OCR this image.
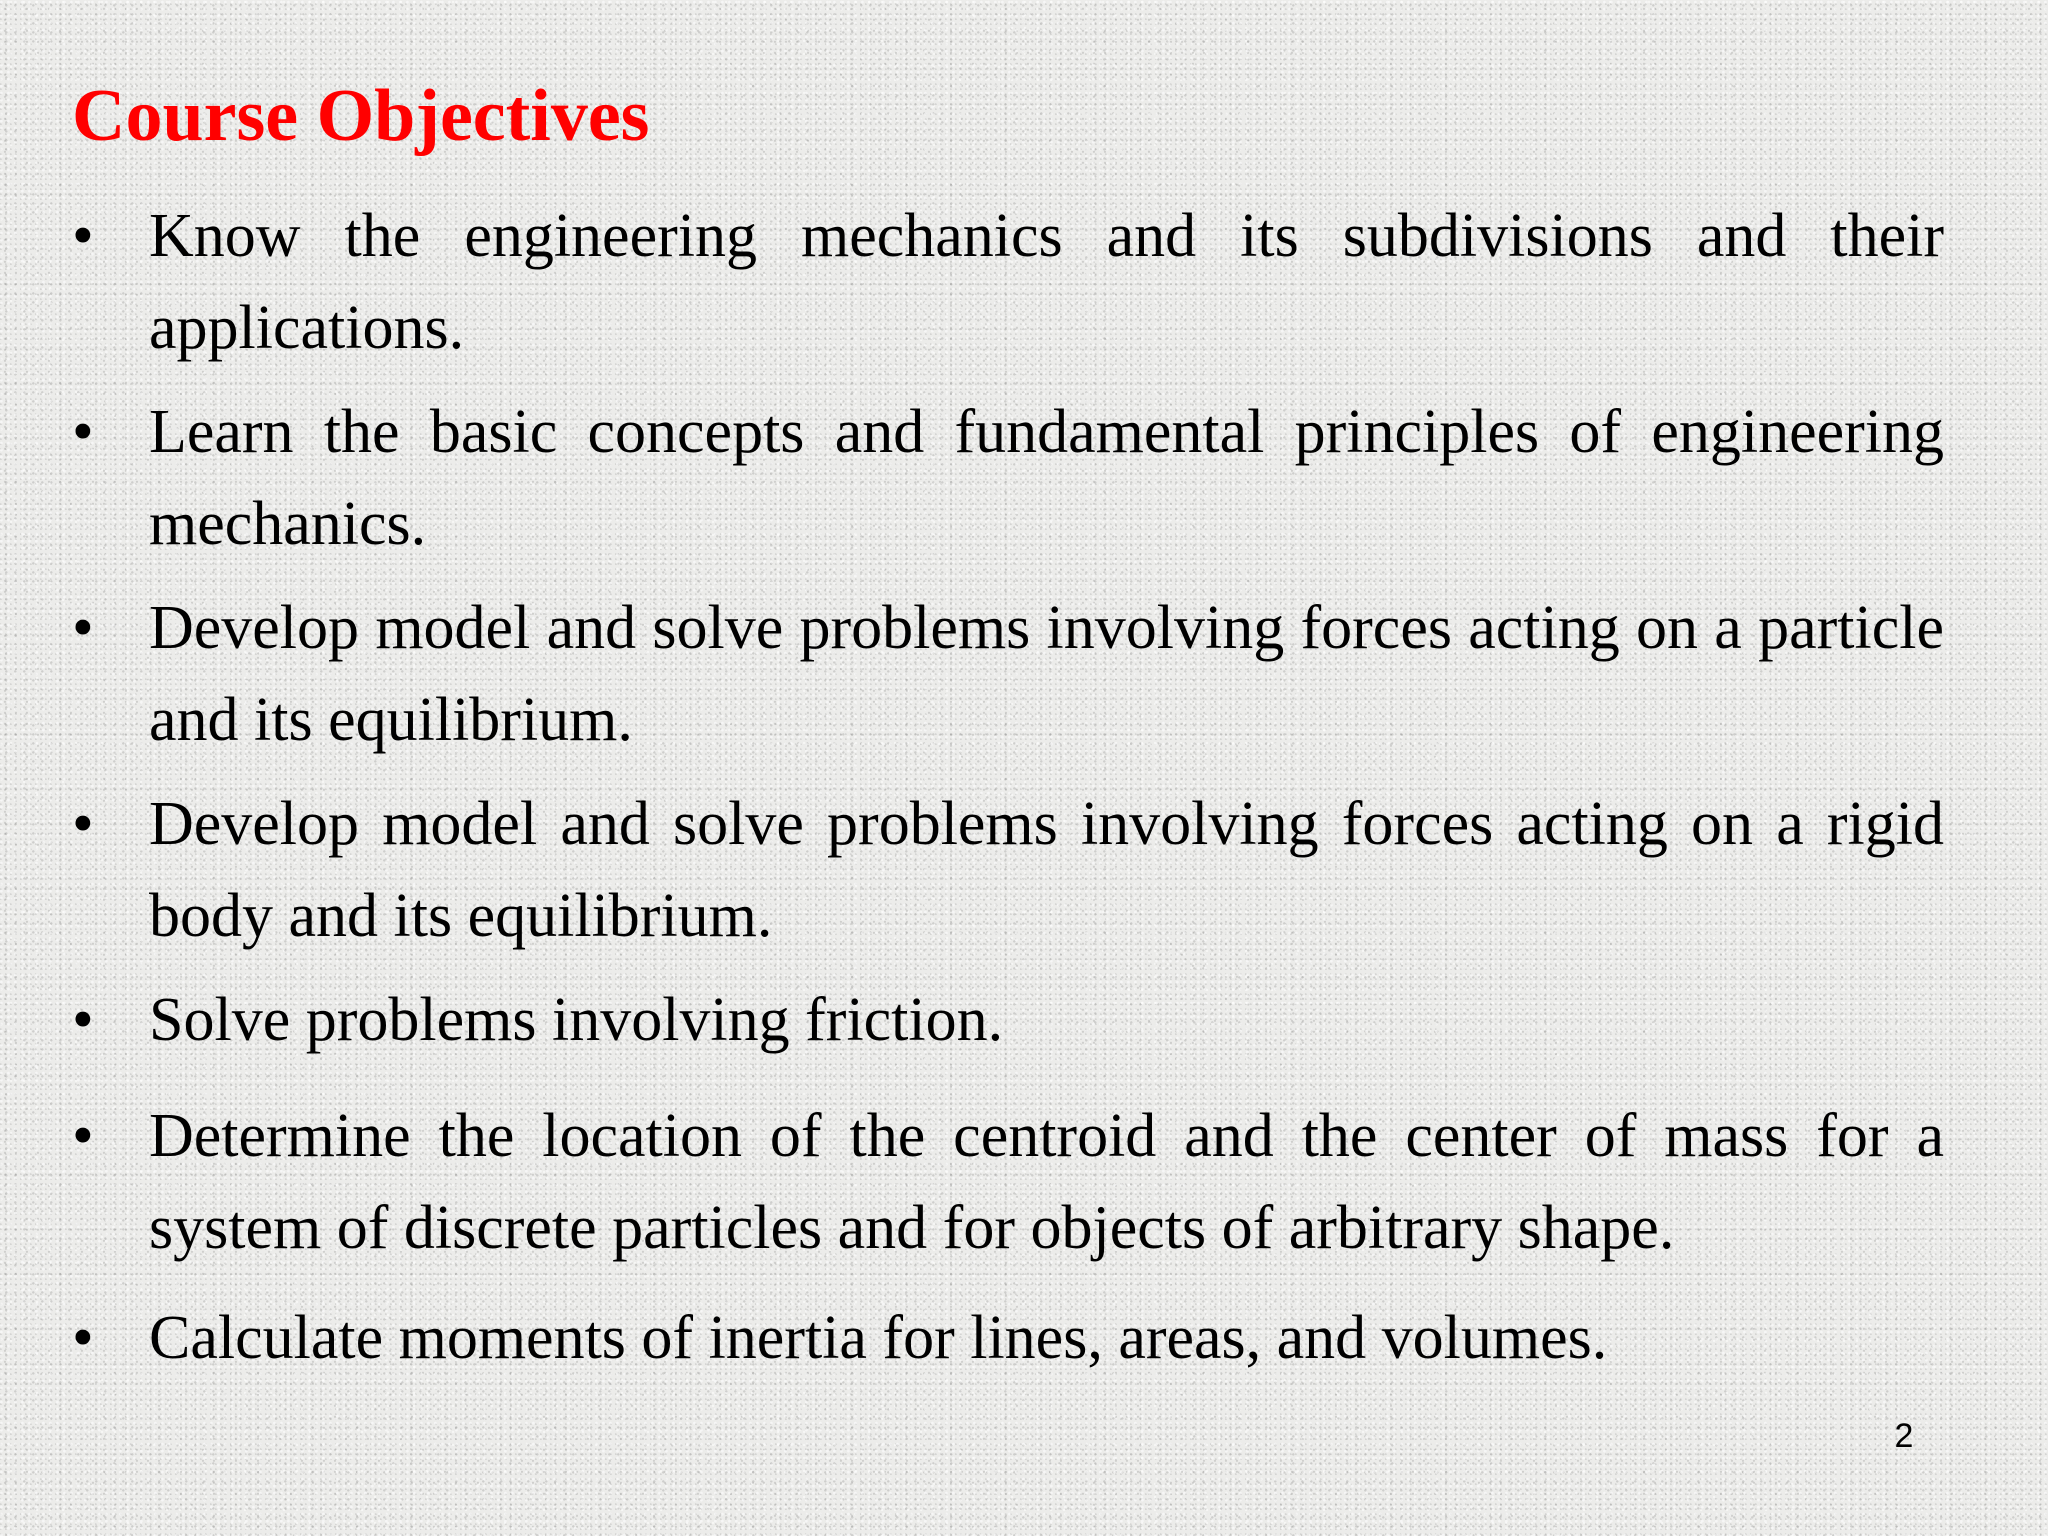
Course Objectives
• Know the engineering mechanics and its subdivisions and their applications.
• Learn the basic concepts and fundamental principles of engineering mechanics.
• Develop model and solve problems involving forces acting on a particle and its equilibrium.
• Develop model and solve problems involving forces acting on a rigid body and its equilibrium.
• Solve problems involving friction.
• Determine the location of the centroid and the center of mass for a system of discrete particles and for objects of arbitrary shape.
• Calculate moments of inertia for lines, areas, and volumes.
2
